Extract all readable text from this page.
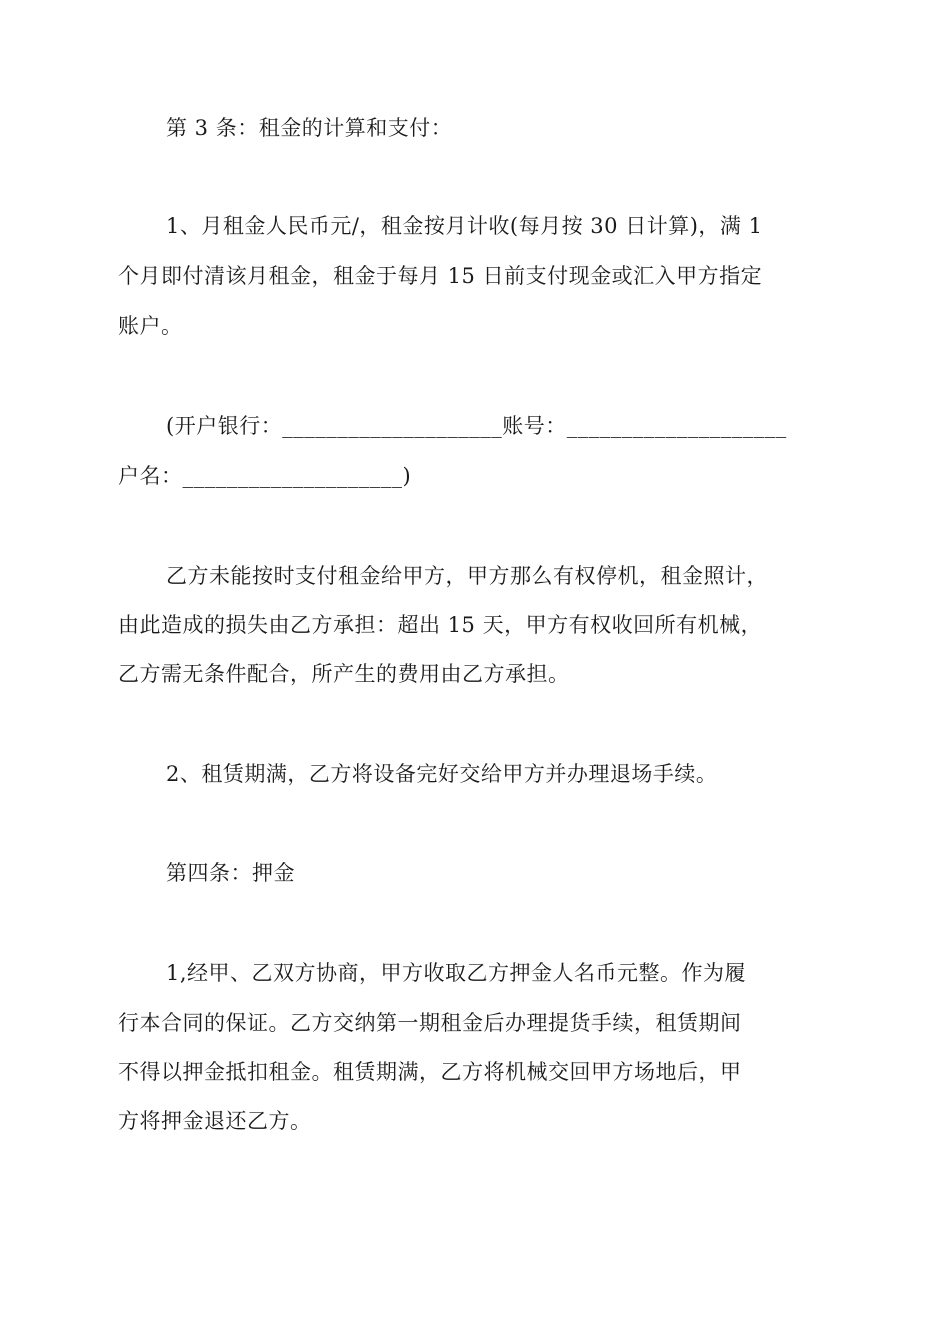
第 3 条：租金的计算和支付：
1、月租金人民币元/，租金按月计收(每月按 30 日计算)，满 1
个月即付清该月租金，租金于每月 15 日前支付现金或汇入甲方指定
账户。
(开户银行：____________________账号：____________________
户名：____________________)
乙方未能按时支付租金给甲方，甲方那么有权停机，租金照计，
由此造成的损失由乙方承担：超出 15 天，甲方有权收回所有机械，
乙方需无条件配合，所产生的费用由乙方承担。
2、租赁期满，乙方将设备完好交给甲方并办理退场手续。
第四条：押金
1,经甲、乙双方协商，甲方收取乙方押金人名币元整。作为履
行本合同的保证。乙方交纳第一期租金后办理提货手续，租赁期间
不得以押金抵扣租金。租赁期满，乙方将机械交回甲方场地后，甲
方将押金退还乙方。
